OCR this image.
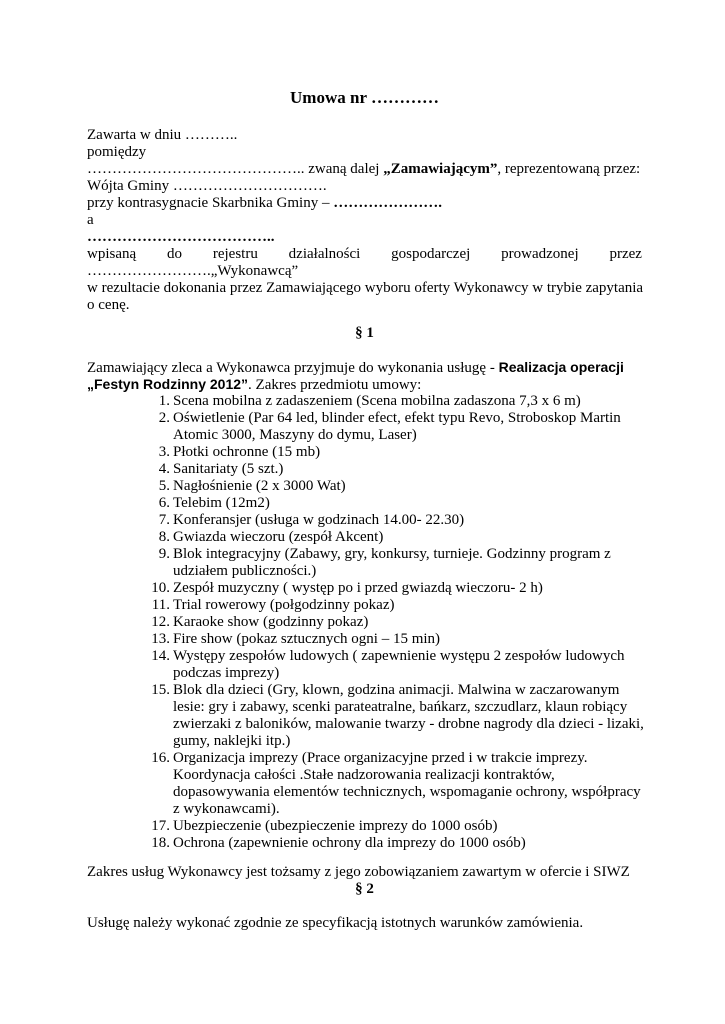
Umowa nr …………
Zawarta w dniu ………..
pomiędzy
…………………………………….. zwaną dalej „Zamawiającym”, reprezentowaną przez:
Wójta Gminy ………………………….
przy kontrasygnacie Skarbnika Gminy – ………………….
a
………………………………..
wpisaną do rejestru działalności gospodarczej prowadzonej przez
…………………….„Wykonawcą”
w rezultacie dokonania przez Zamawiającego wyboru oferty Wykonawcy w trybie zapytania
o cenę.
§ 1
Zamawiający zleca a Wykonawca przyjmuje do wykonania usługę - Realizacja operacji
„Festyn Rodzinny 2012”. Zakres przedmiotu umowy:
1. Scena mobilna z zadaszeniem (Scena mobilna zadaszona 7,3 x 6 m)
2. Oświetlenie (Par 64 led, blinder efect, efekt typu Revo, Stroboskop Martin
Atomic 3000, Maszyny do dymu, Laser)
3. Płotki ochronne (15 mb)
4. Sanitariaty (5 szt.)
5. Nagłośnienie (2 x 3000 Wat)
6. Telebim (12m2)
7. Konferansjer (usługa w godzinach 14.00- 22.30)
8. Gwiazda wieczoru (zespół Akcent)
9. Blok integracyjny (Zabawy, gry, konkursy, turnieje. Godzinny program z
udziałem publiczności.)
10. Zespół muzyczny ( występ po i przed gwiazdą wieczoru- 2 h)
11. Trial rowerowy (połgodzinny pokaz)
12. Karaoke show (godzinny pokaz)
13. Fire show (pokaz sztucznych ogni – 15 min)
14. Występy zespołów ludowych ( zapewnienie występu 2 zespołów ludowych
podczas imprezy)
15. Blok dla dzieci (Gry, klown, godzina animacji. Malwina w zaczarowanym
lesie: gry i zabawy, scenki parateatralne, bańkarz, szczudlarz, klaun robiący
zwierzaki z baloników, malowanie twarzy - drobne nagrody dla dzieci - lizaki,
gumy, naklejki itp.)
16. Organizacja imprezy (Prace organizacyjne przed i w trakcie imprezy.
Koordynacja całości .Stałe nadzorowania realizacji kontraktów,
dopasowywania elementów technicznych, wspomaganie ochrony, współpracy
z wykonawcami).
17. Ubezpieczenie (ubezpieczenie imprezy do 1000 osób)
18. Ochrona (zapewnienie ochrony dla imprezy do 1000 osób)
Zakres usług Wykonawcy jest tożsamy z jego zobowiązaniem zawartym w ofercie i SIWZ
§ 2
Usługę należy wykonać zgodnie ze specyfikacją istotnych warunków zamówienia.
